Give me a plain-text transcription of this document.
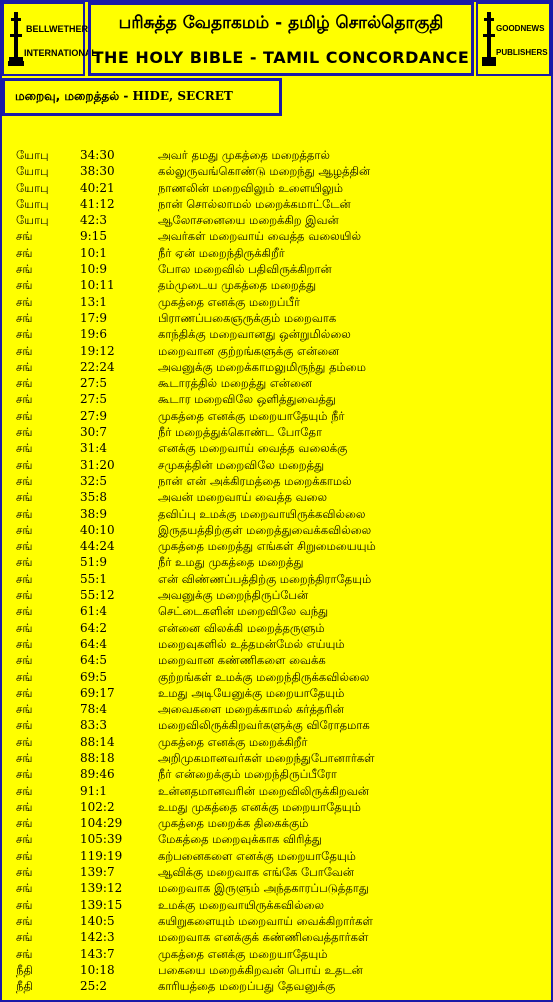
BELLWETHER
INTERNATIONAL
பரிசுத்த வேதாகமம் - தமிழ் சொல்தொகுதி
THE HOLY BIBLE - TAMIL CONCORDANCE
GOODNEWS
PUBLISHERS
மறைவு, மறைத்தல் - HIDE, SECRET
யோபு	34:30	அவர் தமது முகத்தை மறைத்தால்
யோபு	38:30	கல்லுருவங்கொண்டு மறைந்து ஆழத்தின்
யோபு	40:21	நாணலின் மறைவிலும் உளையிலும்
யோபு	41:12	நான் சொல்லாமல் மறைக்கமாட்டேன்
யோபு	42:3	ஆலோசனையை மறைக்கிற இவன்
சங்	9:15	அவர்கள் மறைவாய் வைத்த வலையில்
சங்	10:1	நீர் ஏன் மறைந்திருக்கிறீர்
சங்	10:9	போல மறைவில் பதிவிருக்கிறான்
சங்	10:11	தம்முடைய முகத்தை மறைத்து
சங்	13:1	முகத்தை எனக்கு மறைப்பீர்
சங்	17:9	பிராணப்பகைஞருக்கும் மறைவாக
சங்	19:6	காந்திக்கு மறைவானது ஒன்றுமில்லை
சங்	19:12	மறைவான குற்றங்களுக்கு என்னை
சங்	22:24	அவனுக்கு மறைக்காமலுமிருந்து தம்மை
சங்	27:5	கூடாரத்தில் மறைத்து என்னை
சங்	27:5	கூடார மறைவிலே ஒளித்துவைத்து
சங்	27:9	முகத்தை எனக்கு மறையாதேயும் நீர்
சங்	30:7	நீர் மறைத்துக்கொண்ட போதோ
சங்	31:4	எனக்கு மறைவாய் வைத்த வலைக்கு
சங்	31:20	சமுகத்தின் மறைவிலே மறைத்து
சங்	32:5	நான் என் அக்கிரமத்தை மறைக்காமல்
சங்	35:8	அவன் மறைவாய் வைத்த வலை
சங்	38:9	தவிப்பு உமக்கு மறைவாயிருக்கவில்லை
சங்	40:10	இருதயத்திற்குள் மறைத்துவைக்கவில்லை
சங்	44:24	முகத்தை மறைத்து எங்கள் சிறுமையையும்
சங்	51:9	நீர் உமது முகத்தை மறைத்து
சங்	55:1	என் விண்ணப்பத்திற்கு மறைந்திராதேயும்
சங்	55:12	அவனுக்கு மறைந்திருப்பேன்
சங்	61:4	செட்டைகளின் மறைவிலே வந்து
சங்	64:2	என்னை விலக்கி மறைத்தருளும்
சங்	64:4	மறைவுகளில் உத்தமன்மேல் எய்யும்
சங்	64:5	மறைவான கண்ணிகளை வைக்க
சங்	69:5	குற்றங்கள் உமக்கு மறைந்திருக்கவில்லை
சங்	69:17	உமது அடியேனுக்கு மறையாதேயும்
சங்	78:4	அவைகளை மறைக்காமல் கர்த்தரின்
சங்	83:3	மறைவிலிருக்கிறவர்களுக்கு விரோதமாக
சங்	88:14	முகத்தை எனக்கு மறைக்கிறீர்
சங்	88:18	அறிமுகமானவர்கள் மறைந்துபோனார்கள்
சங்	89:46	நீர் என்றைக்கும் மறைந்திருப்பீரோ
சங்	91:1	உன்னதமானவரின் மறைவிலிருக்கிறவன்
சங்	102:2	உமது முகத்தை எனக்கு மறையாதேயும்
சங்	104:29	முகத்தை மறைக்க திகைக்கும்
சங்	105:39	மேகத்தை மறைவுக்காக விரித்து
சங்	119:19	கற்பனைகளை எனக்கு மறையாதேயும்
சங்	139:7	ஆவிக்கு மறைவாக எங்கே போவேன்
சங்	139:12	மறைவாக இருளும் அந்தகாரப்படுத்தாது
சங்	139:15	உமக்கு மறைவாயிருக்கவில்லை
சங்	140:5	கயிறுகளையும் மறைவாய் வைக்கிறார்கள்
சங்	142:3	மறைவாக எனக்குக் கண்ணிவைத்தார்கள்
சங்	143:7	முகத்தை எனக்கு மறையாதேயும்
நீதி	10:18	பகையை மறைக்கிறவன் பொய் உதடன்
நீதி	25:2	காரியத்தை மறைப்பது தேவனுக்கு
